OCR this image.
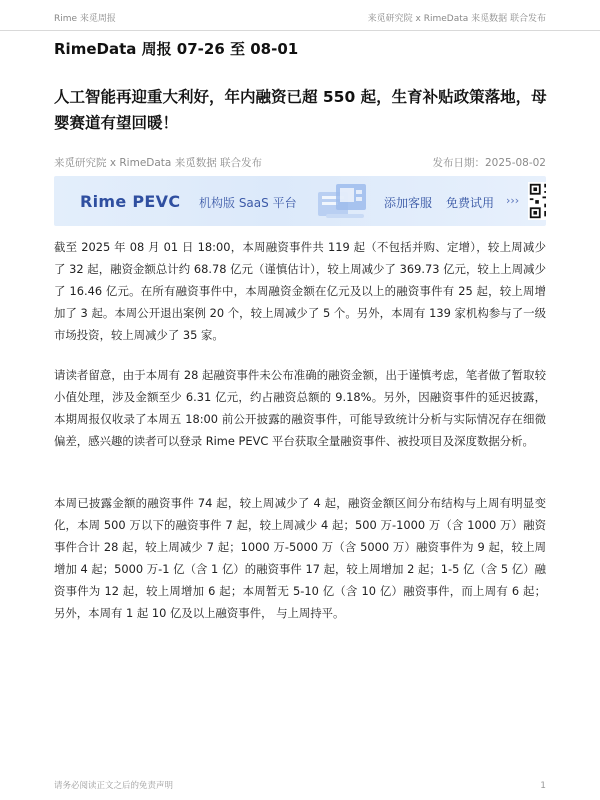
Rime 来觅周报	来觅研究院 x RimeData 来觅数据 联合发布
RimeData 周报 07-26 至 08-01
人工智能再迎重大利好，年内融资已超 550 起，生育补贴政策落地，母婴赛道有望回暖！
来觅研究院 x RimeData 来觅数据 联合发布	发布日期：2025-08-02
Rime PEVC 机构版 SaaS 平台	添加客服 免费试用 ›››
截至 2025 年 08 月 01 日 18:00，本周融资事件共 119 起（不包括并购、定增），较上周减少了 32 起，融资金额总计约 68.78 亿元（谨慎估计），较上周减少了 369.73 亿元，较上上周减少了 16.46 亿元。在所有融资事件中，本周融资金额在亿元及以上的融资事件有 25 起，较上周增加了 3 起。本周公开退出案例 20 个，较上周减少了 5 个。另外，本周有 139 家机构参与了一级市场投资，较上周减少了 35 家。
请读者留意，由于本周有 28 起融资事件未公布准确的融资金额，出于谨慎考虑，笔者做了暂取较小值处理，涉及金额至少 6.31 亿元，约占融资总额的 9.18%。另外，因融资事件的延迟披露，本期周报仅收录了本周五 18:00 前公开披露的融资事件，可能导致统计分析与实际情况存在细微偏差，感兴趣的读者可以登录 Rime PEVC 平台获取全量融资事件、被投项目及深度数据分析。
本周已披露金额的融资事件 74 起，较上周减少了 4 起，融资金额区间分布结构与上周有明显变化，本周 500 万以下的融资事件 7 起，较上周减少 4 起；500 万-1000 万（含 1000 万）融资事件合计 28 起，较上周减少 7 起；1000 万-5000 万（含 5000 万）融资事件为 9 起，较上周增加 4 起；5000 万-1 亿（含 1 亿）的融资事件 17 起，较上周增加 2 起；1-5 亿（含 5 亿）融资事件为 12 起，较上周增加 6 起；本周暂无 5-10 亿（含 10 亿）融资事件，而上周有 6 起；另外，本周有 1 起 10 亿及以上融资事件， 与上周持平。
请务必阅读正文之后的免责声明	1
